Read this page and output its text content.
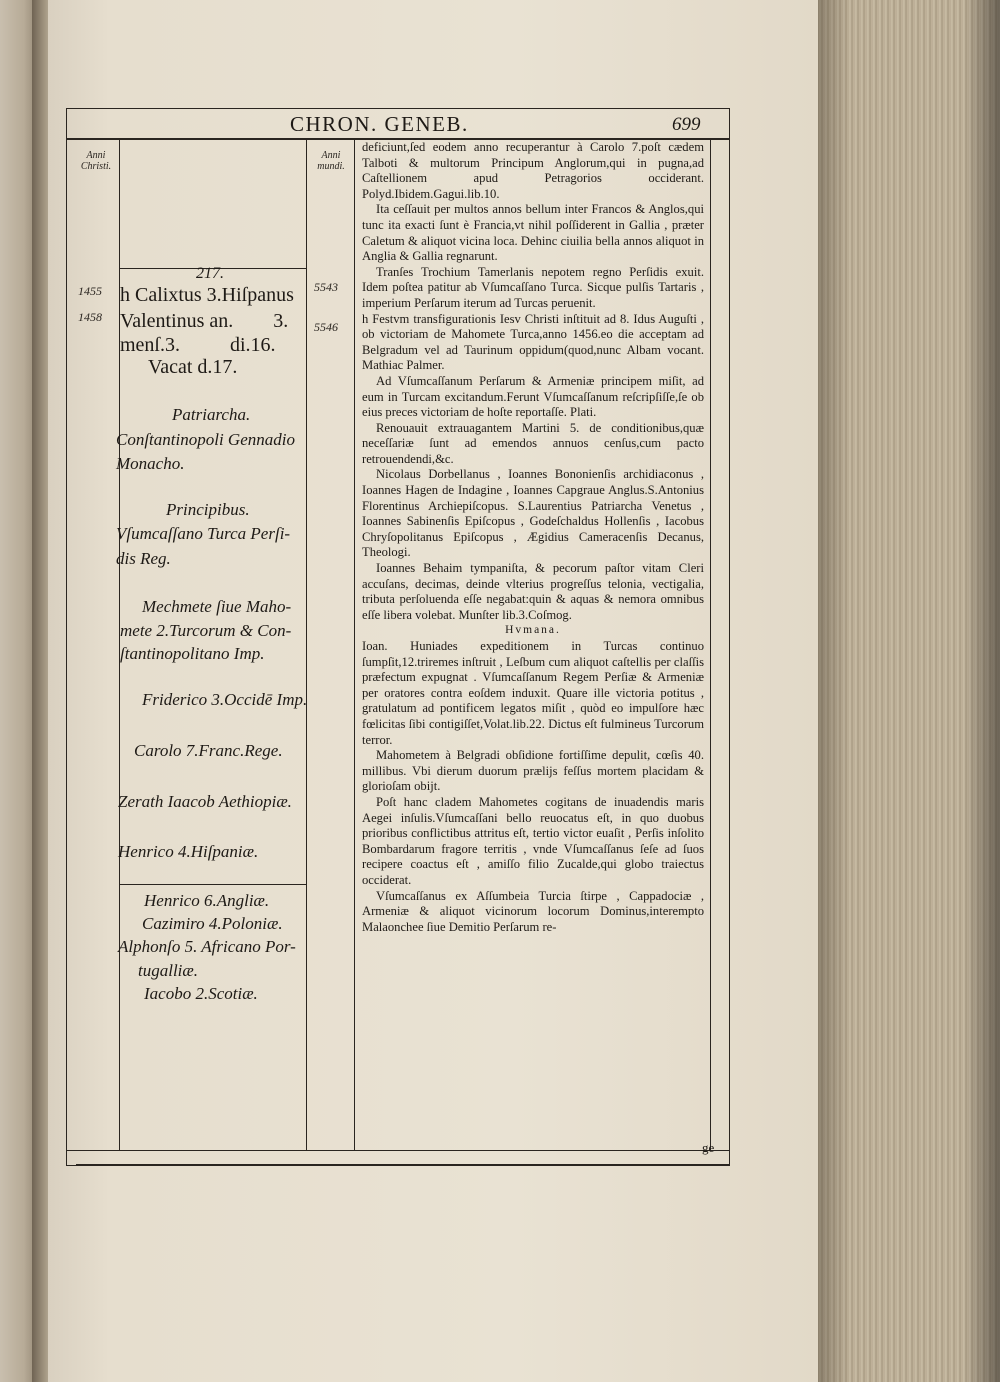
CHRON. GENEB.	699
Anni Christi.
Anni mundi.
1455
1458
5543
5546
217.
h Calixtus 3.Hiſpanus
Valentinus an.        3.
menſ.3.          di.16.
Vacat d.17.
Patriarcha.
Conſtantinopoli Gennadio
Monacho.
Principibus.
Vſumcaſſano Turca Perſi-
dis Reg.
Mechmete ſiue Maho-
mete 2.Turcorum & Con-
ſtantinopolitano Imp.
Friderico 3.Occidē Imp.
Carolo 7.Franc.Rege.
Zerath Iaacob Aethiopiæ.
Henrico 4.Hiſpaniæ.
Henrico 6.Angliæ.
Cazimiro 4.Poloniæ.
Alphonſo 5. Africano Por-
tugalliæ.
Iacobo 2.Scotiæ.

deficiunt,ſed eodem anno recuperantur à Carolo 7.poſt cædem Talboti & multorum Principum Anglorum,qui in pugna,ad Caſtellionem apud Petragorios occiderant. Polyd.Ibidem.Gagui.lib.10.

Ita ceſſauit per multos annos bellum inter Francos & Anglos,qui tunc ita exacti ſunt è Francia,vt nihil poſſiderent in Gallia , præter Caletum & aliquot vicina loca. Dehinc ciuilia bella annos aliquot in Anglia & Gallia regnarunt.

Tranſes Trochium Tamerlanis nepotem regno Perſidis exuit. Idem poſtea patitur ab Vſumcaſſano Turca. Sicque pulſis Tartaris , imperium Perſarum iterum ad Turcas peruenit.

h Festvm transfigurationis Iesv Christi inſtituit ad 8. Idus Auguſti , ob victoriam de Mahomete Turca,anno 1456.eo die acceptam ad Belgradum vel ad Taurinum oppidum(quod,nunc Albam vocant. Mathiac Palmer.

Ad Vſumcaſſanum Perſarum & Armeniæ principem miſit, ad eum in Turcam excitandum.Ferunt Vſumcaſſanum reſcripſiſſe,ſe ob eius preces victoriam de hoſte reportaſſe. Plati.

Renouauit extrauagantem Martini 5. de conditionibus,quæ neceſſariæ ſunt ad emendos annuos cenſus,cum pacto retrouendendi,&c.

Nicolaus Dorbellanus , Ioannes Bononienſis archidiaconus , Ioannes Hagen de Indagine , Ioannes Capgraue Anglus.S.Antonius Florentinus Archiepiſcopus. S.Laurentius Patriarcha Venetus , Ioannes Sabinenſis Epiſcopus , Godeſchaldus Hollenſis , Iacobus Chryſopolitanus Epiſcopus , Ægidius Cameracenſis Decanus, Theologi.

Ioannes Behaim tympaniſta, & pecorum paſtor vitam Cleri accuſans, decimas, deinde vlterius progreſſus telonia, vectigalia, tributa perſoluenda eſſe negabat:quin & aquas & nemora omnibus eſſe libera volebat. Munſter lib.3.Coſmog.

Hvmana.

Ioan. Huniades expeditionem in Turcas continuo ſumpſit,12.triremes inſtruit , Leſbum cum aliquot caſtellis per claſſis præfectum expugnat . Vſumcaſſanum Regem Perſiæ & Armeniæ per oratores contra eoſdem induxit. Quare ille victoria potitus , gratulatum ad pontificem legatos miſit , quòd eo impulſore hæc fœlicitas ſibi contigiſſet,Volat.lib.22. Dictus eſt fulmineus Turcorum terror.

Mahometem à Belgradi obſidione fortiſſime depulit, cœſis 40. millibus. Vbi dierum duorum prælijs feſſus mortem placidam & glorioſam obijt.

Poſt hanc cladem Mahometes cogitans de inuadendis maris Aegei inſulis.Vſumcaſſani bello reuocatus eſt, in quo duobus prioribus conflictibus attritus eſt, tertio victor euaſit , Perſis inſolito Bombardarum fragore territis , vnde Vſumcaſſanus ſeſe ad ſuos recipere coactus eſt , amiſſo filio Zucalde,qui globo traiectus occiderat.

Vſumcaſſanus ex Aſſumbeia Turcia ſtirpe , Cappadociæ , Armeniæ & aliquot vicinorum locorum Dominus,interempto Malaonchee ſiue Demitio Perſarum re-

ge
